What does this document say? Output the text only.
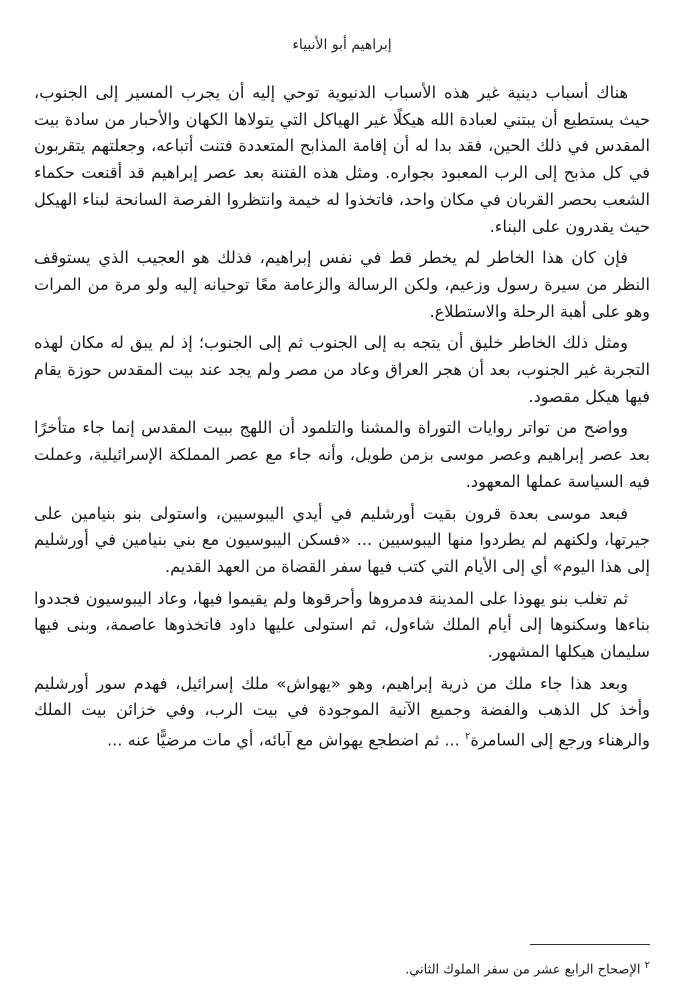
إبراهيم أبو الأنبياء

هناك أسباب دينية غير هذه الأسباب الدنيوية توحي إليه أن يجرب المسير إلى الجنوب، حيث يستطيع أن يبتني لعبادة الله هيكلًا غير الهياكل التي يتولاها الكهان والأحبار من سادة بيت المقدس في ذلك الحين، فقد بدا له أن إقامة المذابح المتعددة فتنت أتباعه، وجعلتهم يتقربون في كل مذبح إلى الرب المعبود بجواره. ومثل هذه الفتنة بعد عصر إبراهيم قد أقنعت حكماء الشعب بحصر القربان في مكان واحد، فاتخذوا له خيمة وانتظروا الفرصة السانحة لبناء الهيكل حيث يقدرون على البناء.

فإن كان هذا الخاطر لم يخطر قط في نفس إبراهيم، فذلك هو العجيب الذي يستوقف النظر من سيرة رسول وزعيم، ولكن الرسالة والزعامة معًا توحيانه إليه ولو مرة من المرات وهو على أهبة الرحلة والاستطلاع.

ومثل ذلك الخاطر خليق أن يتجه به إلى الجنوب ثم إلى الجنوب؛ إذ لم يبق له مكان لهذه التجربة غير الجنوب، بعد أن هجر العراق وعاد من مصر ولم يجد عند بيت المقدس حوزة يقام فيها هيكل مقصود.

وواضح من تواتر روايات التوراة والمشنا والتلمود أن اللهج ببيت المقدس إنما جاء متأخرًا بعد عصر إبراهيم وعصر موسى بزمن طويل، وأنه جاء مع عصر المملكة الإسرائيلية، وعملت فيه السياسة عملها المعهود.

فبعد موسى بعدة قرون بقيت أورشليم في أيدي اليبوسيين، واستولى بنو بنيامين على جيرتها، ولكنهم لم يطردوا منها اليبوسيين ... «فسكن اليبوسيون مع بني بنيامين في أورشليم إلى هذا اليوم» أي إلى الأيام التي كتب فيها سفر القضاة من العهد القديم.

ثم تغلب بنو يهوذا على المدينة فدمروها وأحرقوها ولم يقيموا فيها، وعاد اليبوسيون فجددوا بناءها وسكنوها إلى أيام الملك شاءول، ثم استولى عليها داود فاتخذوها عاصمة، وبنى فيها سليمان هيكلها المشهور.

وبعد هذا جاء ملك من ذرية إبراهيم، وهو «يهواش» ملك إسرائيل، فهدم سور أورشليم وأخذ كل الذهب والفضة وجميع الآنية الموجودة في بيت الرب، وفي خزائن بيت الملك والرهناء ورجع إلى السامرة$^٢$ ... ثم اضطجع يهواش مع آبائه، أي مات مرضيًّا عنه ...

$^٢$ الإصحاح الرابع عشر من سفر الملوك الثاني.
